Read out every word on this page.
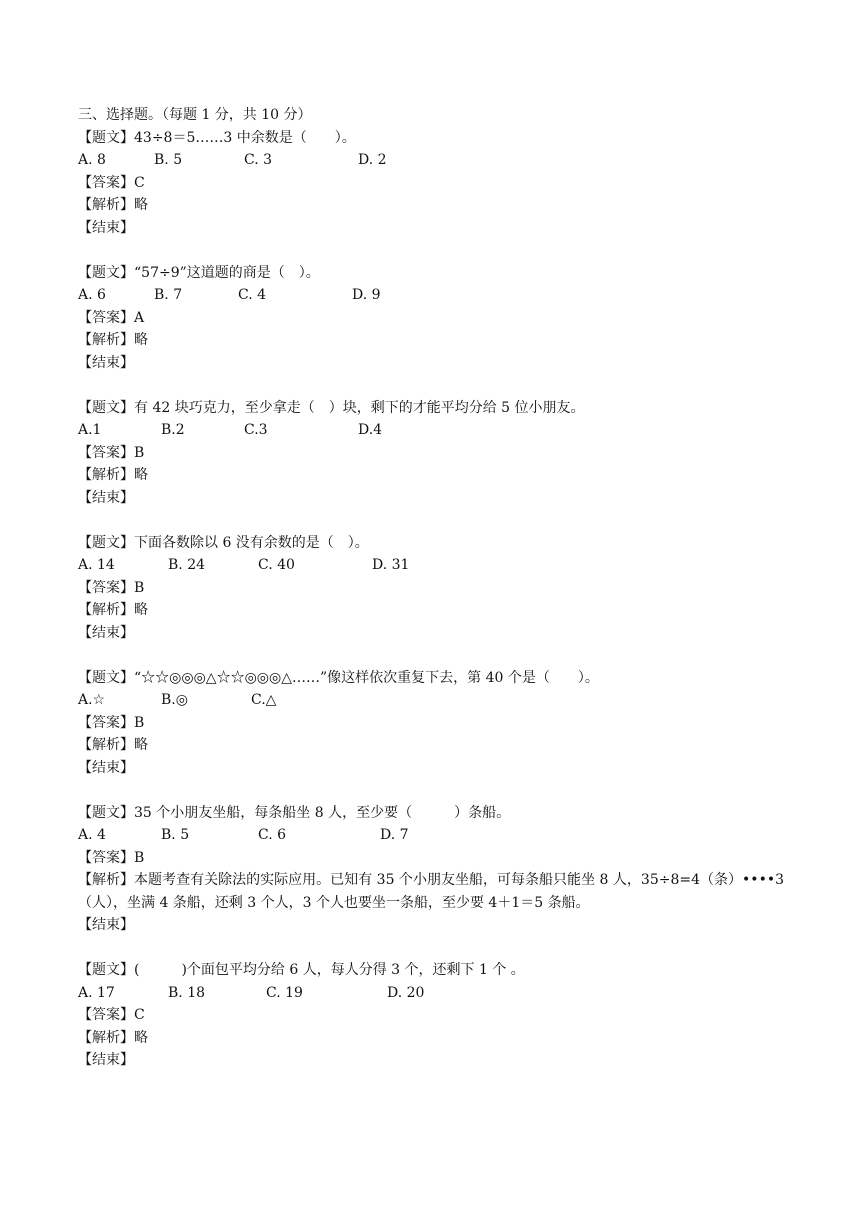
三、选择题。（每题 1 分，共 10 分）
【题文】43÷8＝5……3 中余数是（　　）。
A. 8	B. 5	C. 3	D. 2
【答案】C
【解析】略
【结束】
【题文】“57÷9”这道题的商是（　）。
A. 6	B. 7	C. 4	D. 9
【答案】A
【解析】略
【结束】
【题文】有 42 块巧克力，至少拿走（　）块，剩下的才能平均分给 5 位小朋友。
A.1	B.2	C.3	D.4
【答案】B
【解析】略
【结束】
【题文】下面各数除以 6 没有余数的是（　）。
A. 14	B. 24	C. 40	D. 31
【答案】B
【解析】略
【结束】
【题文】“☆☆◎◎◎△☆☆◎◎◎△……”像这样依次重复下去，第 40 个是（　　）。
A.☆	B.◎	C.△
【答案】B
【解析】略
【结束】
【题文】35 个小朋友坐船，每条船坐 8 人，至少要（　　　）条船。
A. 4	B. 5	C. 6	D. 7
【答案】B
【解析】本题考查有关除法的实际应用。已知有 35 个小朋友坐船，可每条船只能坐 8 人，35÷8=4（条）••••3（人），坐满 4 条船，还剩 3 个人，3 个人也要坐一条船，至少要 4＋1＝5 条船。
【结束】
【题文】(　　　)个面包平均分给 6 人，每人分得 3 个，还剩下 1 个 。
A. 17	B. 18	C. 19	D. 20
【答案】C
【解析】略
【结束】
